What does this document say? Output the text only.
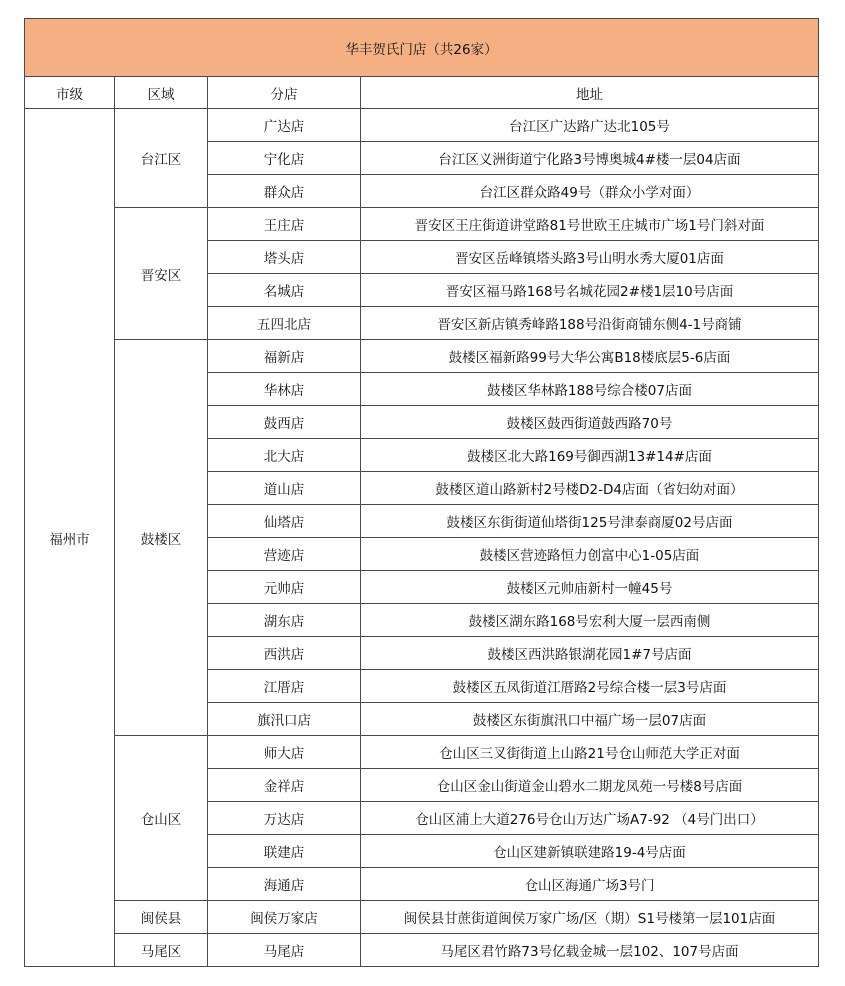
华丰贺氏门店（共26家）			
市级	区域	分店	地址
福州市	台江区	广达店	台江区广达路广达北105号
		宁化店	台江区义洲街道宁化路3号博奥城4#楼一层04店面
		群众店	台江区群众路49号（群众小学对面）
	晋安区	王庄店	晋安区王庄街道讲堂路81号世欧王庄城市广场1号门斜对面
		塔头店	晋安区岳峰镇塔头路3号山明水秀大厦01店面
		名城店	晋安区福马路168号名城花园2#楼1层10号店面
		五四北店	晋安区新店镇秀峰路188号沿街商铺东侧4-1号商铺
	鼓楼区	福新店	鼓楼区福新路99号大华公寓B18楼底层5-6店面
		华林店	鼓楼区华林路188号综合楼07店面
		鼓西店	鼓楼区鼓西街道鼓西路70号
		北大店	鼓楼区北大路169号御西湖13#14#店面
		道山店	鼓楼区道山路新村2号楼D2-D4店面（省妇幼对面）
		仙塔店	鼓楼区东街街道仙塔街125号津泰商厦02号店面
		营迹店	鼓楼区营迹路恒力创富中心1-05店面
		元帅店	鼓楼区元帅庙新村一幢45号
		湖东店	鼓楼区湖东路168号宏利大厦一层西南侧
		西洪店	鼓楼区西洪路银湖花园1#7号店面
		江厝店	鼓楼区五凤街道江厝路2号综合楼一层3号店面
		旗汛口店	鼓楼区东街旗汛口中福广场一层07店面
	仓山区	师大店	仓山区三叉街街道上山路21号仓山师范大学正对面
		金祥店	仓山区金山街道金山碧水二期龙凤苑一号楼8号店面
		万达店	仓山区浦上大道276号仓山万达广场A7-92 （4号门出口）
		联建店	仓山区建新镇联建路19-4号店面
		海通店	仓山区海通广场3号门
	闽侯县	闽侯万家店	闽侯县甘蔗街道闽侯万家广场/区（期）S1号楼第一层101店面
	马尾区	马尾店	马尾区君竹路73号亿载金城一层102、107号店面
